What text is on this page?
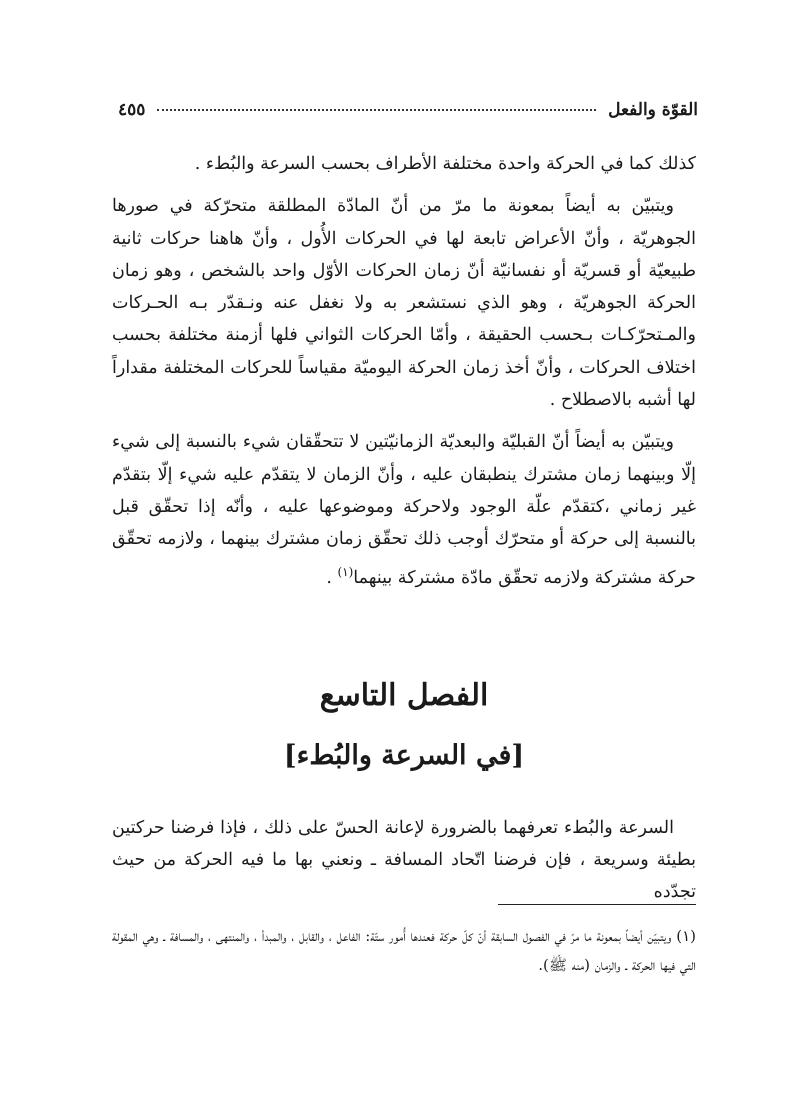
القوّة والفعل
٤٥٥

كذلك كما في الحركة واحدة مختلفة الأطراف بحسب السرعة والبُطء .

ويتبيّن به أيضاً بمعونة ما مرّ من أنّ المادّة المطلقة متحرّكة في صورها الجوهريّة ، وأنّ الأعراض تابعة لها في الحركات الأُول ، وأنّ هاهنا حركات ثانية طبيعيّة أو قسريّة أو نفسانيّة أنّ زمان الحركات الأوّل واحد بالشخص ، وهو زمان الحركة الجوهريّة ، وهو الذي نستشعر به ولا نغفل عنه ونـقدّر بـه الحـركات والمـتحرّكـات بـحسب الحقيقة ، وأمّا الحركات الثواني فلها أزمنة مختلفة بحسب اختلاف الحركات ، وأنّ أخذ زمان الحركة اليوميّة مقياساً للحركات المختلفة مقداراً لها أشبه بالاصطلاح .

ويتبيّن به أيضاً أنّ القبليّة والبعديّة الزمانيّتين لا تتحقّقان شيء بالنسبة إلى شيء إلّا وبينهما زمان مشترك ينطبقان عليه ، وأنّ الزمان لا يتقدّم عليه شيء إلّا بتقدّم غير زماني ،كتقدّم علّة الوجود ولاحركة وموضوعها عليه ، وأنّه إذا تحقّق قبل بالنسبة إلى حركة أو متحرّك أوجب ذلك تحقّق زمان مشترك بينهما ، ولازمه تحقّق حركة مشتركة ولازمه تحقّق مادّة مشتركة بينهما$^{(١)}$ .

الفصل التاسع
[في السرعة والبُطء]

السرعة والبُطء تعرفهما بالضرورة لإعانة الحسّ على ذلك ، فإذا فرضنا حركتين بطيئة وسريعة ، فإن فرضنا اتّحاد المسافة ـ ونعني بها ما فيه الحركة من حيث تجدّده

(١) ويتبيّن أيضاً بمعونة ما مرّ في الفصول السابقة أنّ كلّ حركة فعندها أُمور ستّة: الفاعل ، والقابل ، والمبدأ ، والمنتهى ، والمسافة ـ وهي المقولة التي فيها الحركة ـ والزمان (منه ﷺ).
